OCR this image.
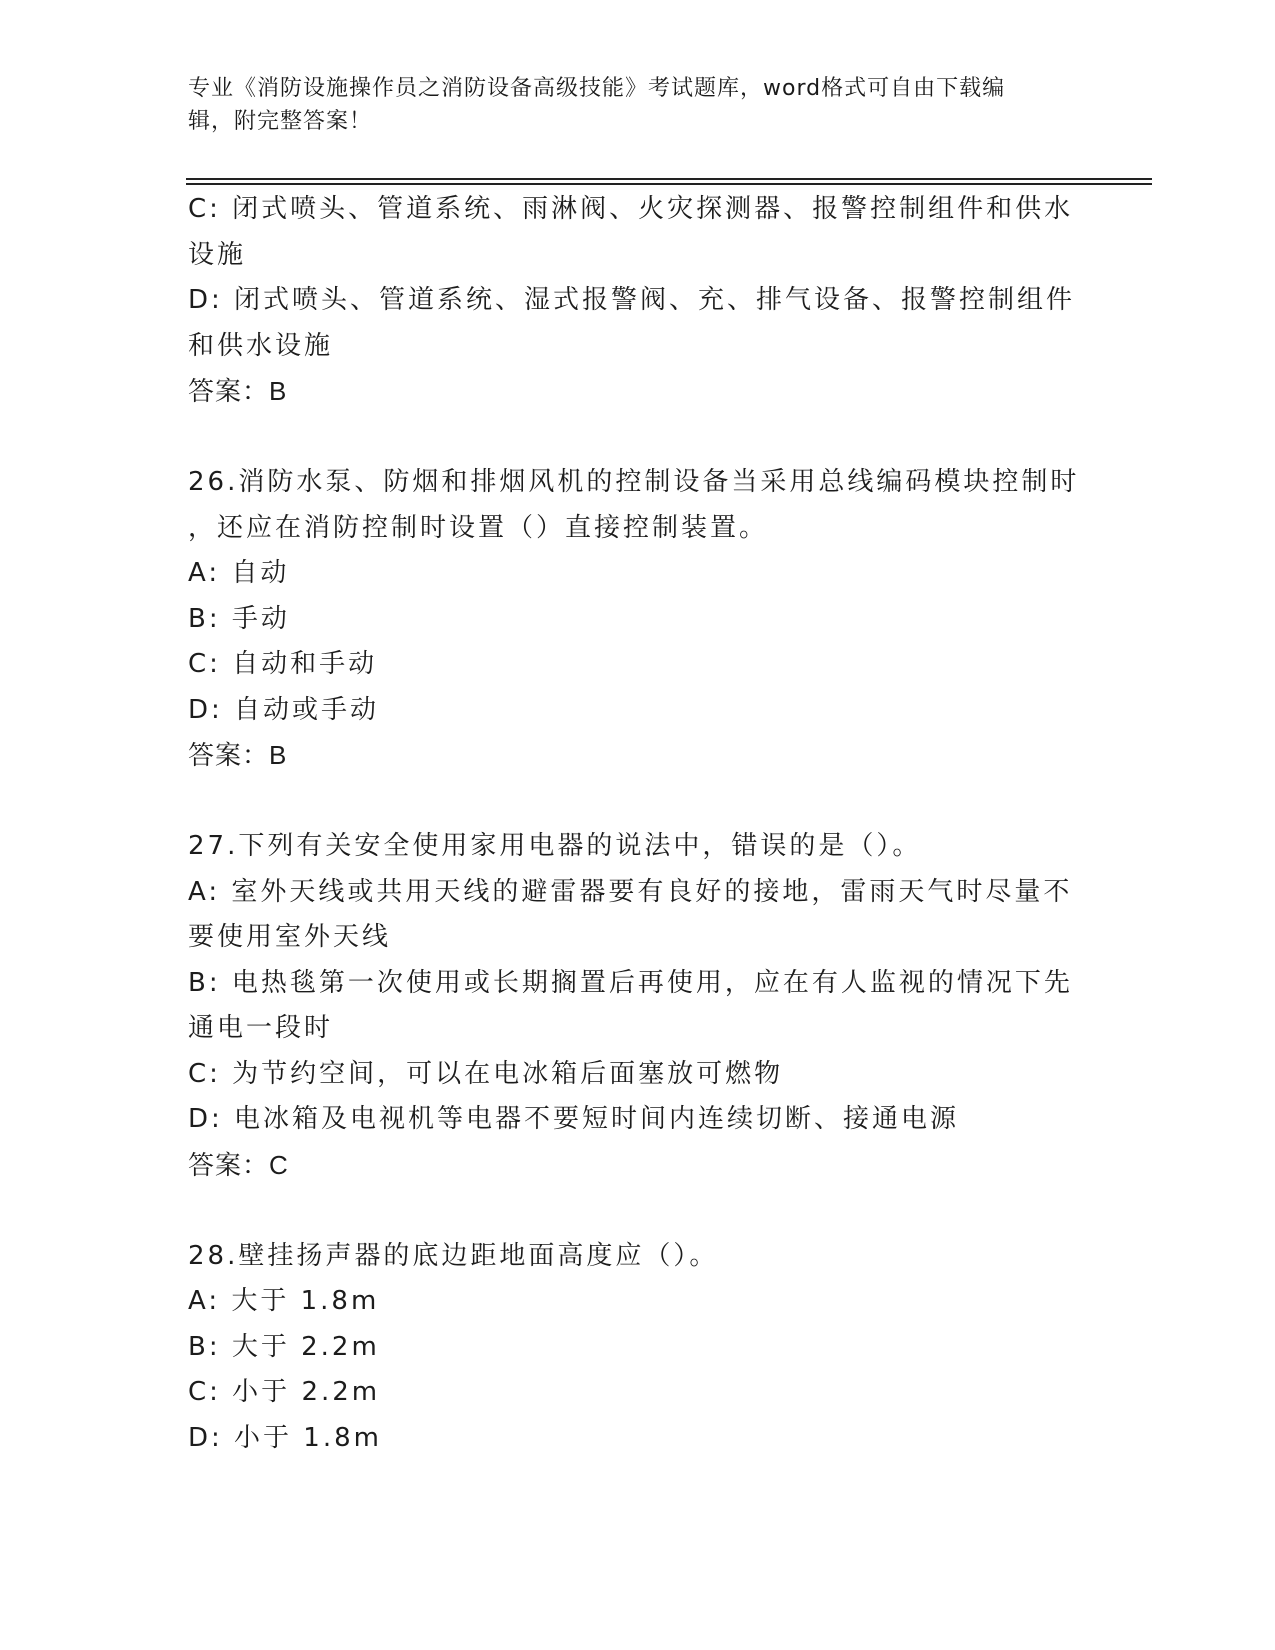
专业《消防设施操作员之消防设备高级技能》考试题库，word格式可自由下载编
辑，附完整答案！
C: 闭式喷头、管道系统、雨淋阀、火灾探测器、报警控制组件和供水
设施
D: 闭式喷头、管道系统、湿式报警阀、充、排气设备、报警控制组件
和供水设施
答案：B
26.消防水泵、防烟和排烟风机的控制设备当采用总线编码模块控制时
，还应在消防控制时设置（）直接控制装置。
A: 自动
B: 手动
C: 自动和手动
D: 自动或手动
答案：B
27.下列有关安全使用家用电器的说法中，错误的是（）。
A: 室外天线或共用天线的避雷器要有良好的接地，雷雨天气时尽量不
要使用室外天线
B: 电热毯第一次使用或长期搁置后再使用，应在有人监视的情况下先
通电一段时
C: 为节约空间，可以在电冰箱后面塞放可燃物
D: 电冰箱及电视机等电器不要短时间内连续切断、接通电源
答案：C
28.壁挂扬声器的底边距地面高度应（）。
A: 大于 1.8m
B: 大于 2.2m
C: 小于 2.2m
D: 小于 1.8m
